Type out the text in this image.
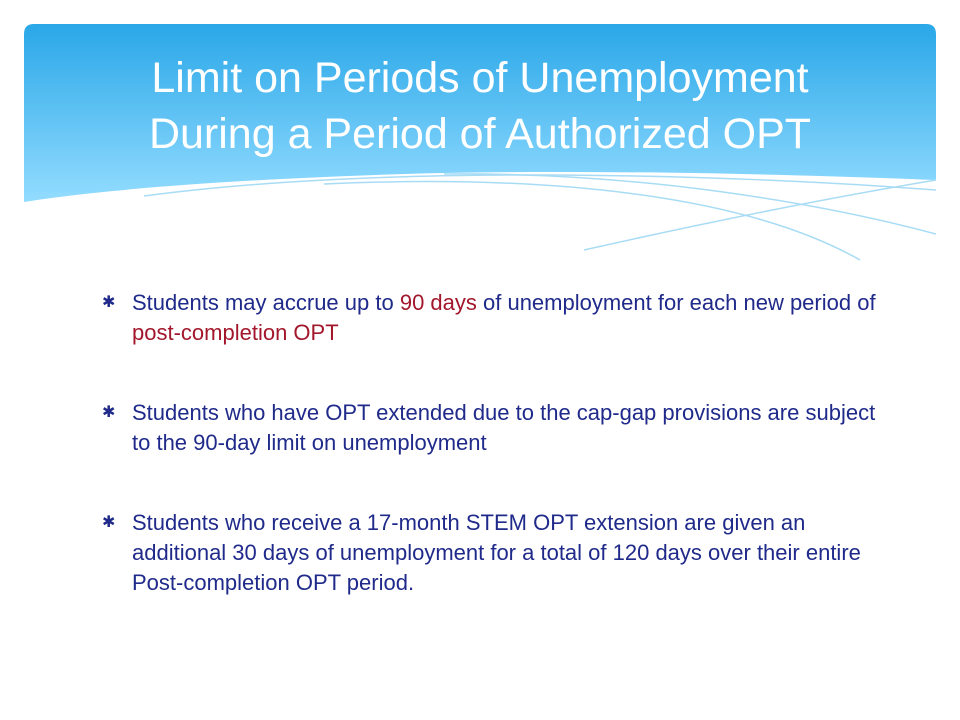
Limit on Periods of Unemployment
During a Period of Authorized OPT
✱ Students may accrue up to 90 days of unemployment for each new period of post-completion OPT
✱ Students who have OPT extended due to the cap-gap provisions are subject to the 90-day limit on unemployment
✱ Students who receive a 17-month STEM OPT extension are given an additional 30 days of unemployment for a total of 120 days over their entire Post-completion OPT period.
